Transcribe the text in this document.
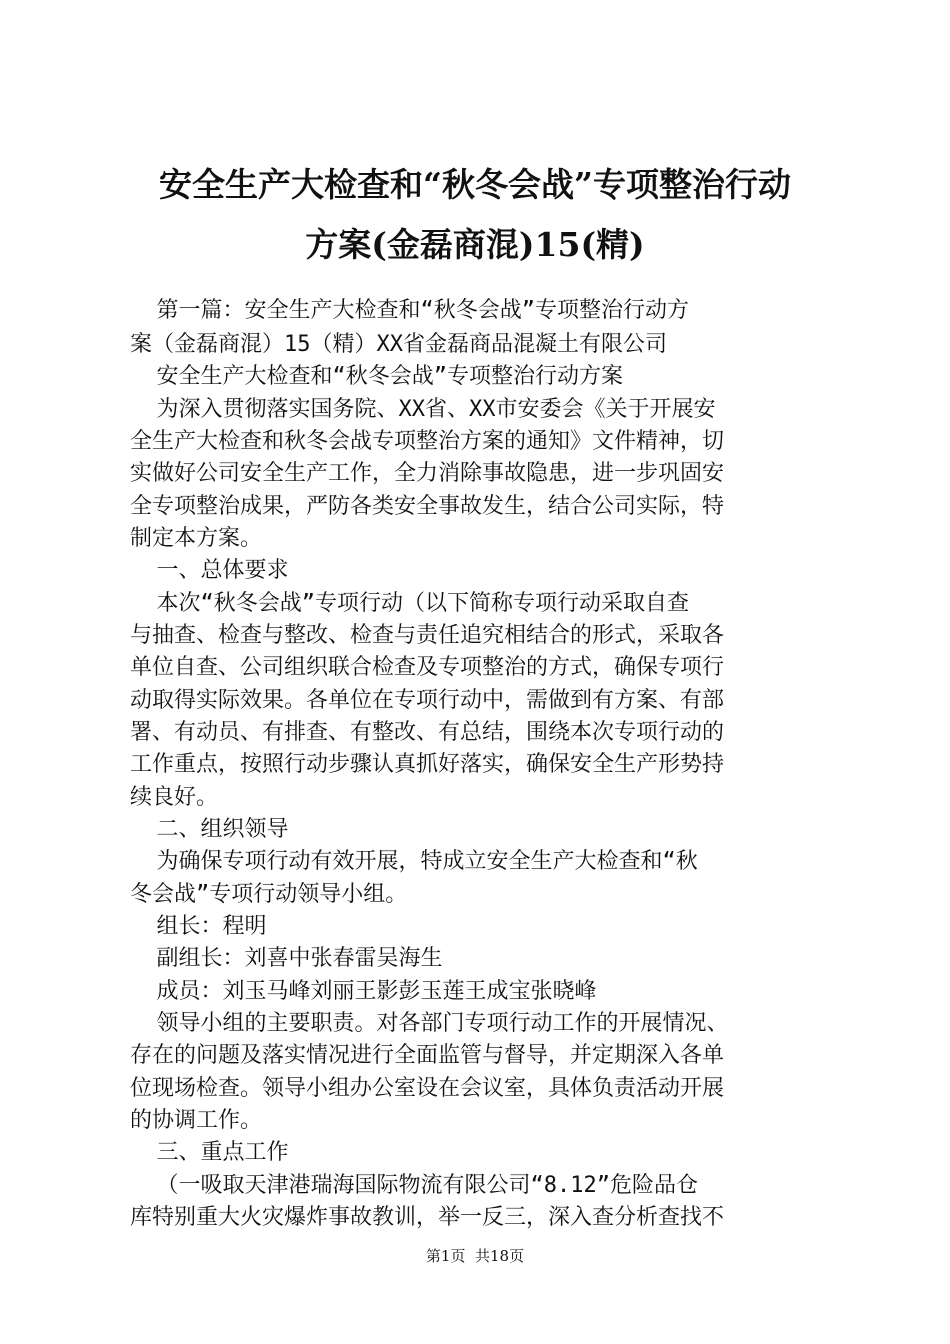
安全生产大检查和“秋冬会战”专项整治行动
方案(金磊商混)15(精)

第一篇：安全生产大检查和“秋冬会战”专项整治行动方

案（金磊商混）15（精）XX省金磊商品混凝土有限公司

安全生产大检查和“秋冬会战”专项整治行动方案

为深入贯彻落实国务院、XX省、XX市安委会《关于开展安

全生产大检查和秋冬会战专项整治方案的通知》文件精神，切

实做好公司安全生产工作，全力消除事故隐患，进一步巩固安

全专项整治成果，严防各类安全事故发生，结合公司实际，特

制定本方案。

一、总体要求

本次“秋冬会战”专项行动（以下简称专项行动采取自查

与抽查、检查与整改、检查与责任追究相结合的形式，采取各

单位自查、公司组织联合检查及专项整治的方式，确保专项行

动取得实际效果。各单位在专项行动中，需做到有方案、有部

署、有动员、有排查、有整改、有总结，围绕本次专项行动的

工作重点，按照行动步骤认真抓好落实，确保安全生产形势持

续良好。

二、组织领导

为确保专项行动有效开展，特成立安全生产大检查和“秋

冬会战”专项行动领导小组。

组长：程明

副组长：刘喜中张春雷吴海生

成员：刘玉马峰刘丽王影彭玉莲王成宝张晓峰

领导小组的主要职责。对各部门专项行动工作的开展情况、

存在的问题及落实情况进行全面监管与督导，并定期深入各单

位现场检查。领导小组办公室设在会议室，具体负责活动开展

的协调工作。

三、重点工作

（一吸取天津港瑞海国际物流有限公司“8.12”危险品仓

库特别重大火灾爆炸事故教训，举一反三，深入查分析查找不

第1页  共18页
